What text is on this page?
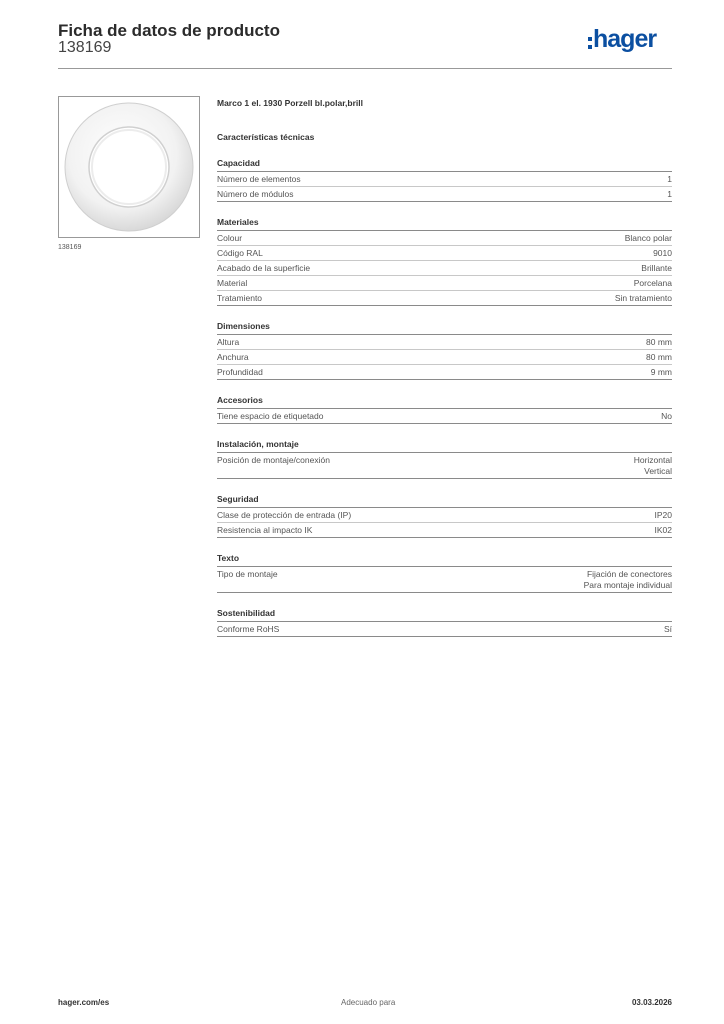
Ficha de datos de producto
138169	hager
138169
Marco 1 el. 1930 Porzell bl.polar,brill
Características técnicas
Capacidad
Número de elementos	1
Número de módulos	1
Materiales
Colour	Blanco polar
Código RAL	9010
Acabado de la superficie	Brillante
Material	Porcelana
Tratamiento	Sin tratamiento
Dimensiones
Altura	80 mm
Anchura	80 mm
Profundidad	9 mm
Accesorios
Tiene espacio de etiquetado	No
Instalación, montaje
Posición de montaje/conexión	Horizontal
Vertical
Seguridad
Clase de protección de entrada (IP)	IP20
Resistencia al impacto IK	IK02
Texto
Tipo de montaje	Fijación de conectores
Para montaje individual
Sostenibilidad
Conforme RoHS	Sí
hager.com/es	Adecuado para	03.03.2026
